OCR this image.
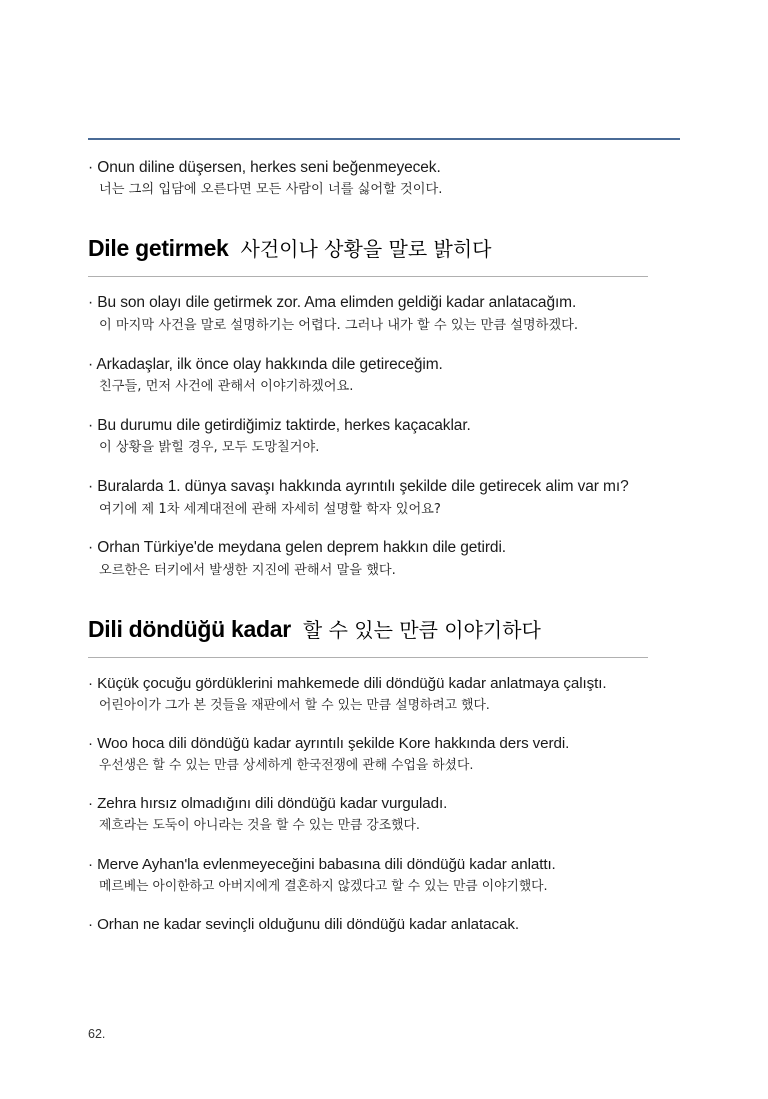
· Onun diline düşersen, herkes seni beğenmeyecek.

너는 그의 입담에 오른다면 모든 사람이 너를 싫어할 것이다.

Dile getirmek 사건이나 상황을 말로 밝히다

· Bu son olayı dile getirmek zor. Ama elimden geldiği kadar anlatacağım.

이 마지막 사건을 말로 설명하기는 어렵다. 그러나 내가 할 수 있는 만큼 설명하겠다.

· Arkadaşlar, ilk önce olay hakkında dile getireceğim.

친구들, 먼저 사건에 관해서 이야기하겠어요.

· Bu durumu dile getirdiğimiz taktirde, herkes kaçacaklar.

이 상황을 밝힐 경우, 모두 도망칠거야.

· Buralarda 1. dünya savaşı hakkında ayrıntılı şekilde dile getirecek alim var mı?

여기에 제 1차 세계대전에 관해 자세히 설명할 학자 있어요?

· Orhan Türkiye'de meydana gelen deprem hakkın dile getirdi.

오르한은 터키에서 발생한 지진에 관해서 말을 했다.

Dili döndüğü kadar 할 수 있는 만큼 이야기하다

· Küçük çocuğu gördüklerini mahkemede dili döndüğü kadar anlatmaya çalıştı.

어린아이가 그가 본 것들을 재판에서 할 수 있는 만큼 설명하려고 했다.

· Woo hoca dili döndüğü kadar ayrıntılı şekilde Kore hakkında ders verdi.

우선생은 할 수 있는 만큼 상세하게 한국전쟁에 관해 수업을 하셨다.

· Zehra hırsız olmadığını dili döndüğü kadar vurguladı.

제흐라는 도둑이 아니라는 것을 할 수 있는 만큼 강조했다.

· Merve Ayhan'la evlenmeyeceğini babasına dili döndüğü kadar anlattı.

메르베는 아이한하고 아버지에게 결혼하지 않겠다고 할 수 있는 만큼 이야기했다.

· Orhan ne kadar sevinçli olduğunu dili döndüğü kadar anlatacak.

62.
